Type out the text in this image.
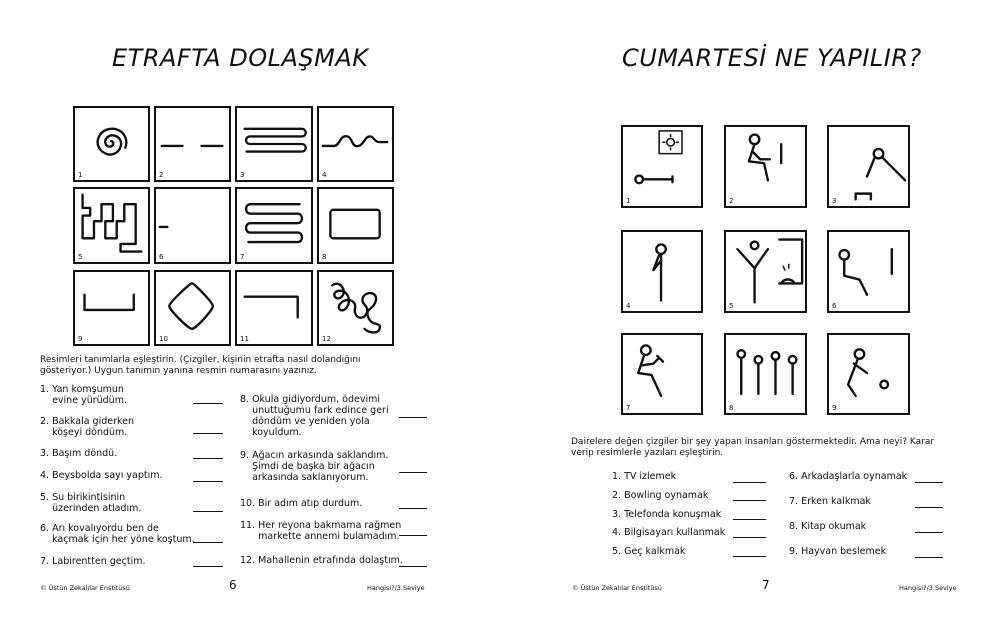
ETRAFTA DOLAŞMAK
1	2	3	4
5	6	7	8
9	10	11	12
Resimleri tanımlarla eşleştirin. (Çizgiler, kişinin etrafta nasıl dolandığını gösteriyor.) Uygun tanımın yanına resmin numarasını yazınız.
1. Yan komşumun
evine yürüdüm.
2. Bakkala giderken
köşeyi döndüm.
3. Başım döndü.
4. Beysbolda sayı yaptım.
5. Su birikintisinin
üzerinden atladım.
6. Arı kovalıyordu ben de
kaçmak için her yöne koştum.
7. Labirentten geçtim.
8. Okula gidiyordum, ödevimi
unuttuğumu fark edince geri
döndüm ve yeniden yola
koyuldum.
9. Ağacın arkasında saklandım.
Şimdi de başka bir ağacın
arkasında saklanıyorum.
10. Bir adım atıp durdum.
11. Her reyona bakmama rağmen
markette annemi bulamadım.
12. Mahallenin etrafında dolaştım.
© Üstün Zekalılar Enstitüsü	6	Hangisi?/3.Seviye
CUMARTESİ NE YAPILIR?
1	2	3
4	5	6
7	8	9
Dairelere değen çizgiler bir şey yapan insanları göstermektedir. Ama neyi? Karar verip resimlerle yazıları eşleştirin.
1. TV izlemek
2. Bowling oynamak
3. Telefonda konuşmak
4. Bilgisayarı kullanmak
5. Geç kalkmak
6. Arkadaşlarla oynamak
7. Erken kalkmak
8. Kitap okumak
9. Hayvan beslemek
© Üstün Zekalılar Enstitüsü	7	Hangisi?/3.Seviye
